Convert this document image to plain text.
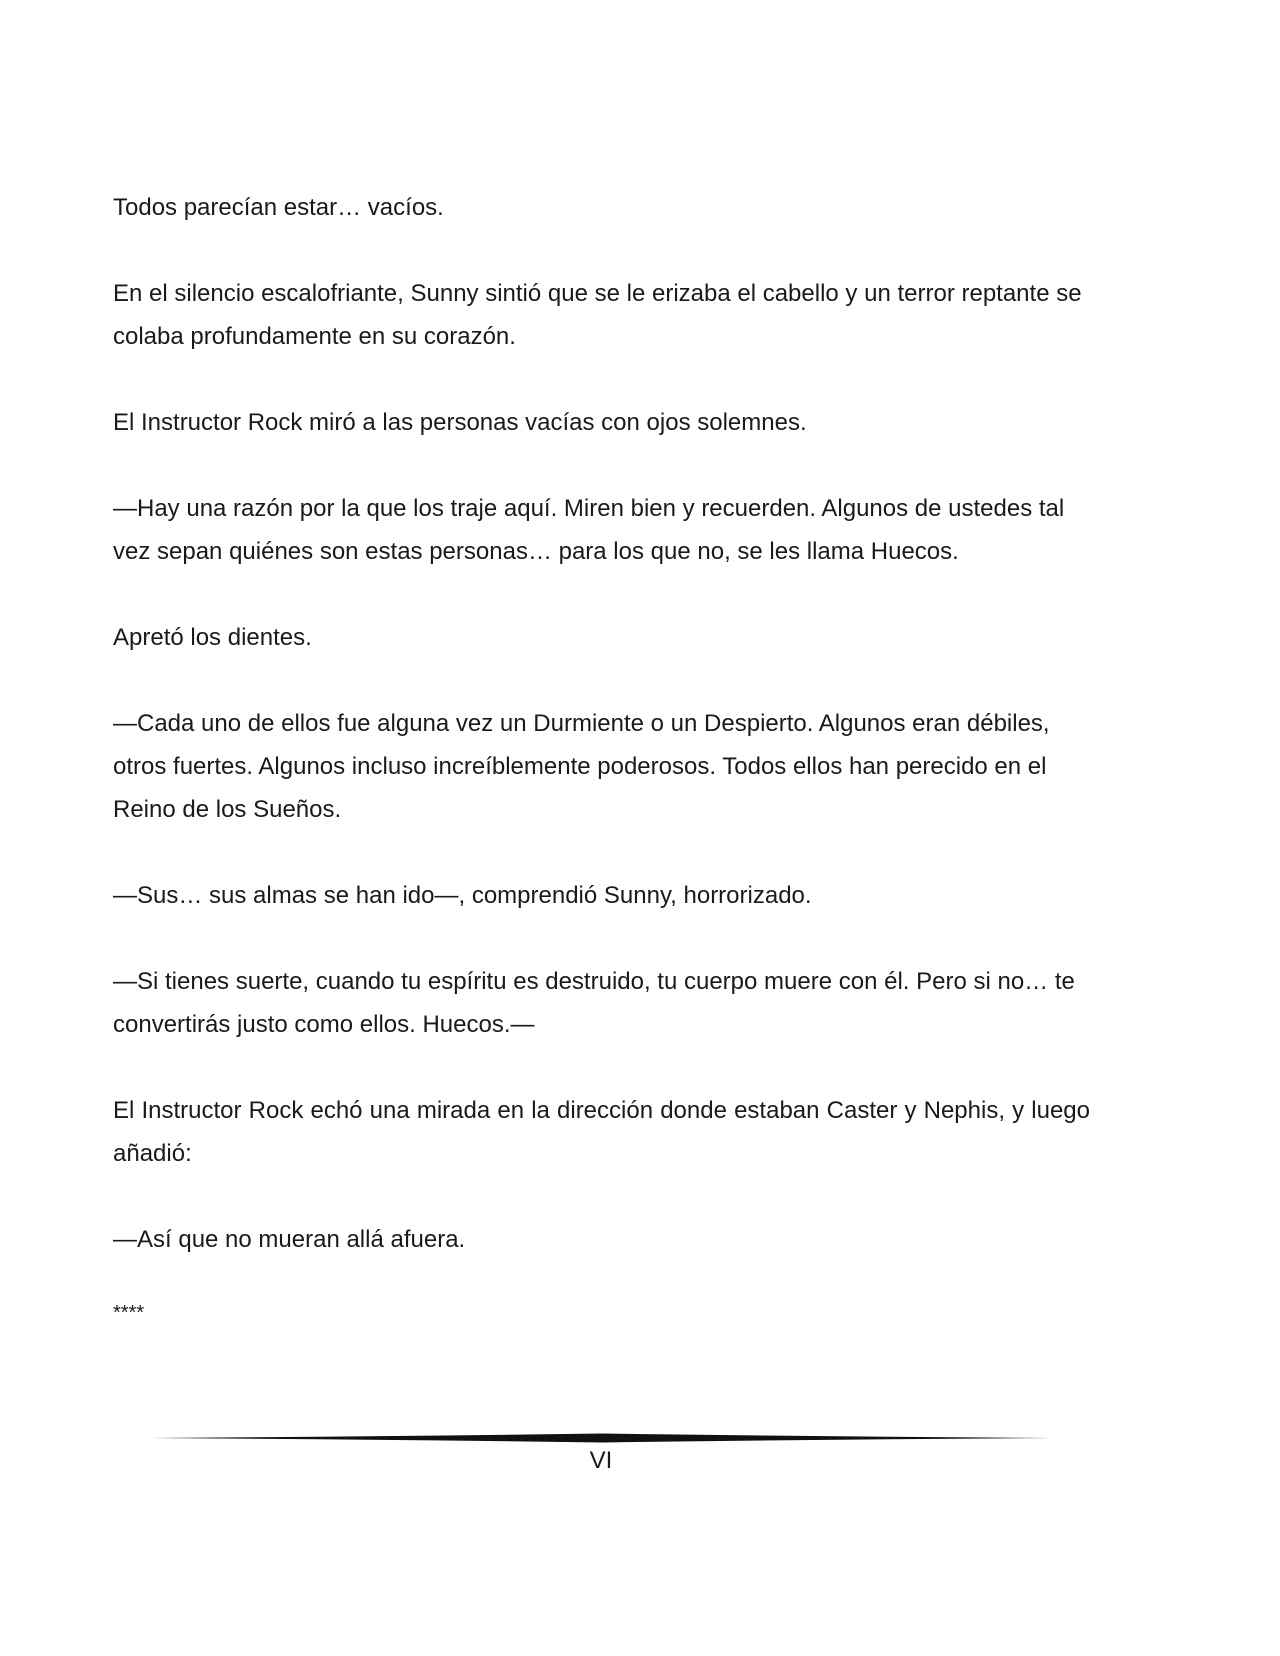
Todos parecían estar… vacíos.

En el silencio escalofriante, Sunny sintió que se le erizaba el cabello y un terror reptante se colaba profundamente en su corazón.

El Instructor Rock miró a las personas vacías con ojos solemnes.

—Hay una razón por la que los traje aquí. Miren bien y recuerden. Algunos de ustedes tal vez sepan quiénes son estas personas… para los que no, se les llama Huecos.

Apretó los dientes.

—Cada uno de ellos fue alguna vez un Durmiente o un Despierto. Algunos eran débiles, otros fuertes. Algunos incluso increíblemente poderosos. Todos ellos han perecido en el Reino de los Sueños.

—Sus… sus almas se han ido—, comprendió Sunny, horrorizado.

—Si tienes suerte, cuando tu espíritu es destruido, tu cuerpo muere con él. Pero si no… te convertirás justo como ellos. Huecos.—

El Instructor Rock echó una mirada en la dirección donde estaban Caster y Nephis, y luego añadió:

—Así que no mueran allá afuera.

****
VI
